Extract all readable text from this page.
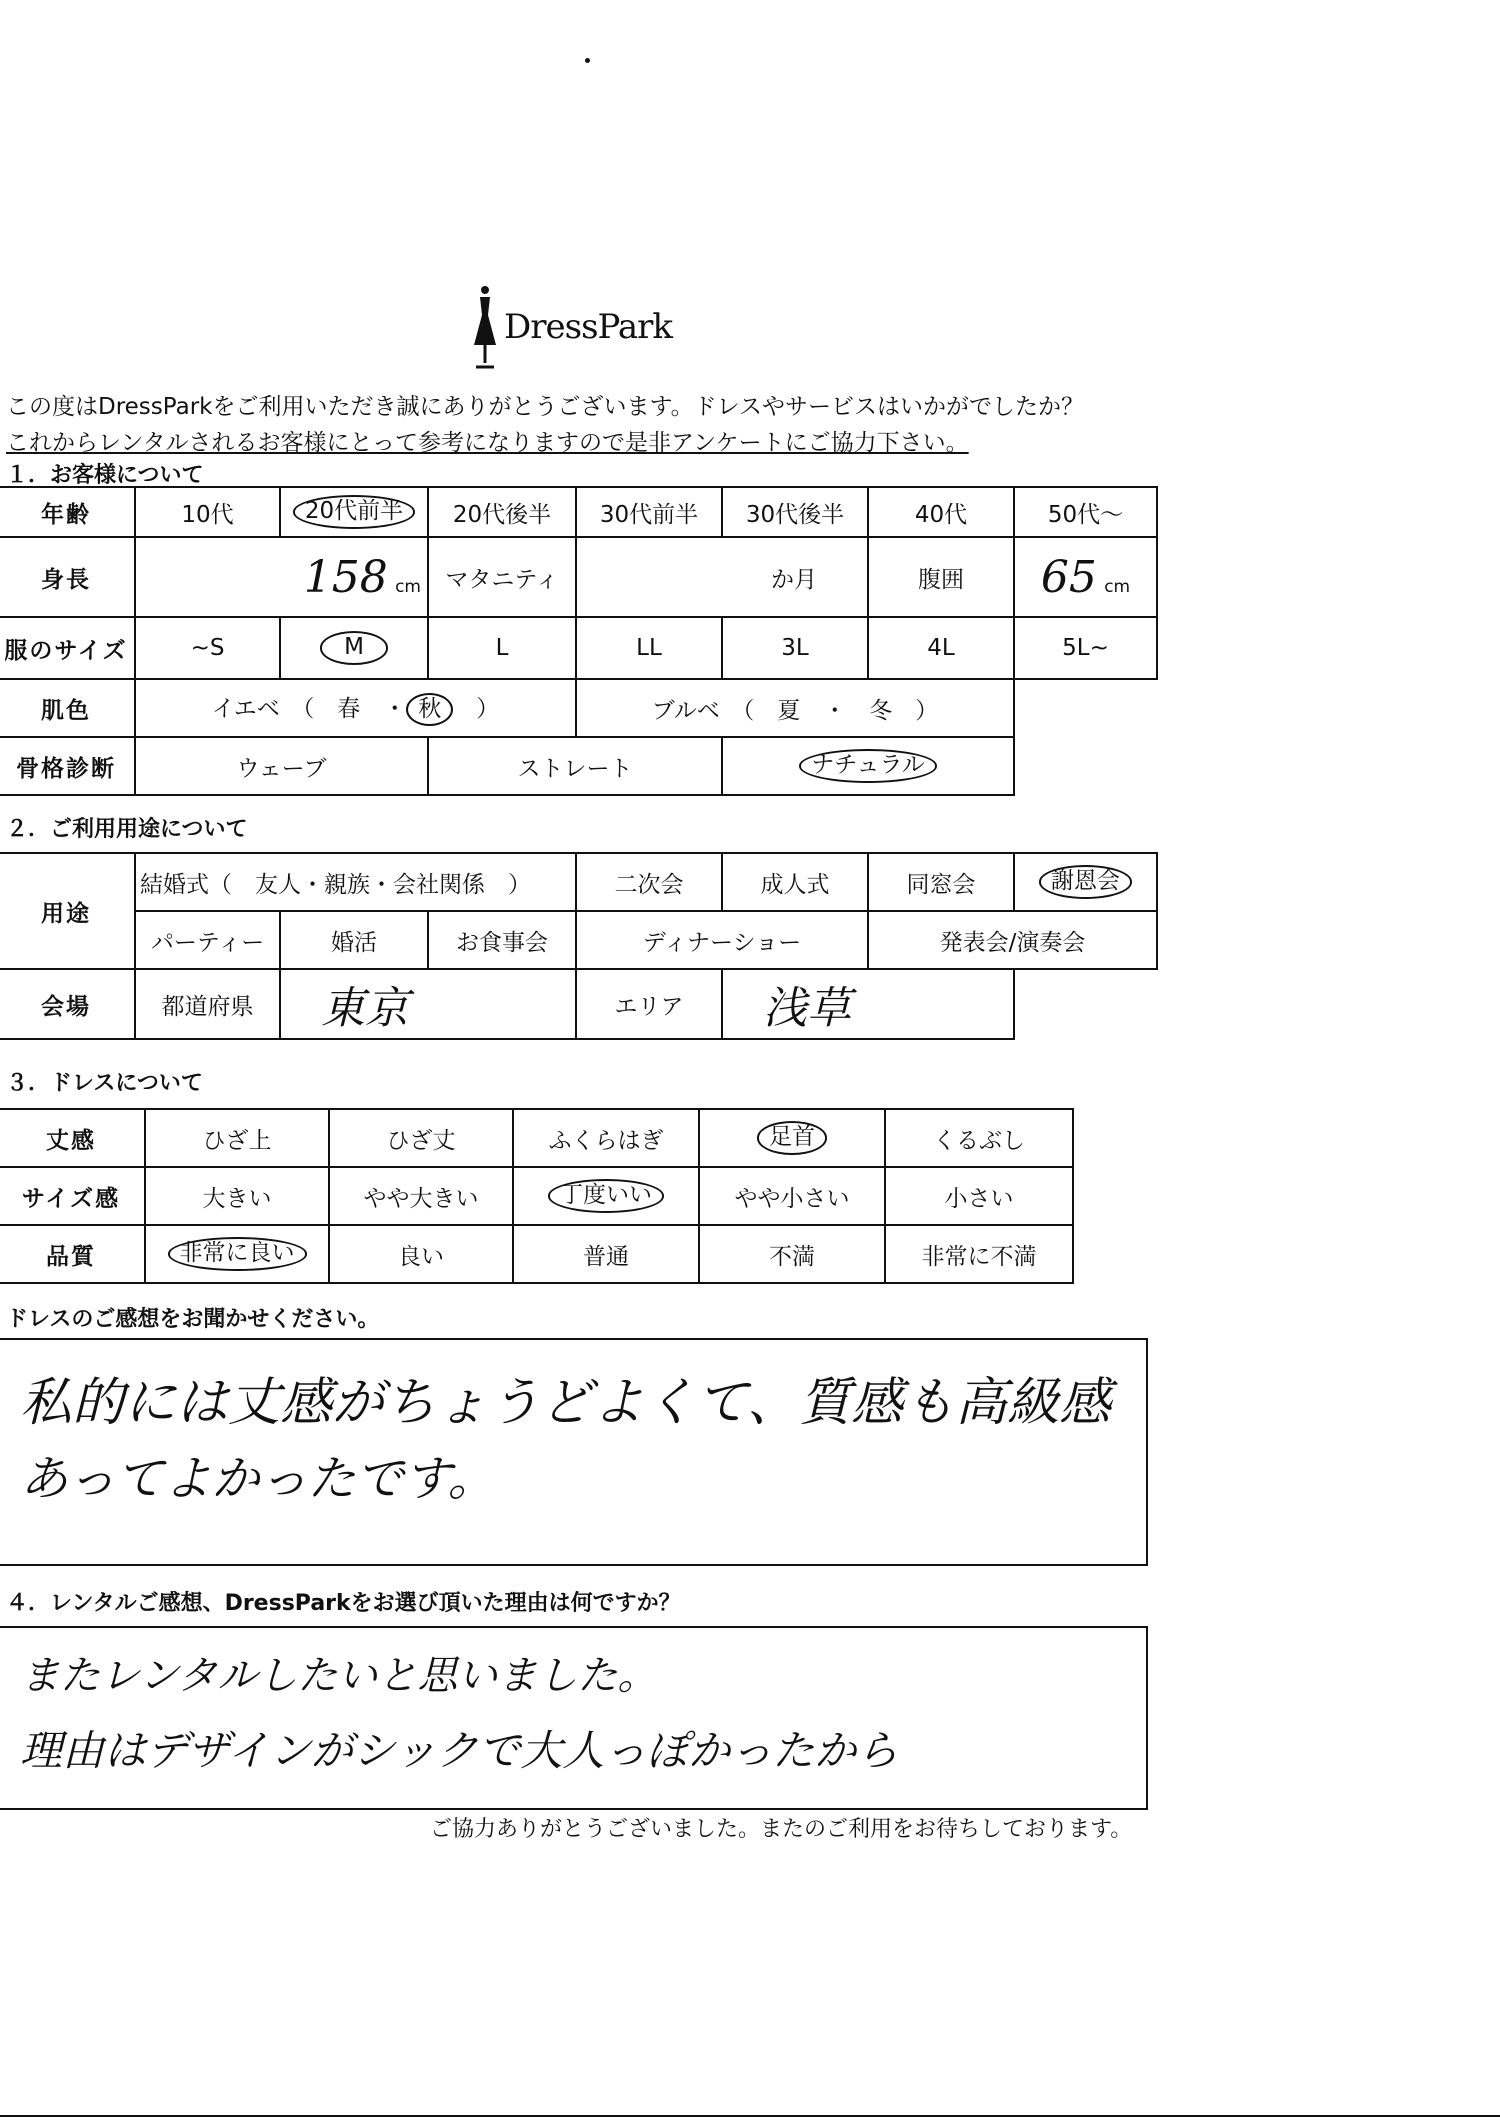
DressPark
この度はDressParkをご利用いただき誠にありがとうございます。ドレスやサービスはいかがでしたか？
これからレンタルされるお客様にとって参考になりますので是非アンケートにご協力下さい。
１．お客様について
年齢	10代	20代前半	20代後半	30代前半	30代後半	40代	50代～
身長	158 cm		マタニティ	か月		腹囲	65 cm
服のサイズ	~S	M	L	LL	3L	4L	5L~
肌色	イエベ　（　春　・ 秋　）			ブルベ　（　夏　・　冬　）			
骨格診断	ウェーブ		ストレート		ナチュラル		
２．ご利用用途について
用途	結婚式（　友人・親族・会社関係　）			二次会	成人式	同窓会	謝恩会
	パーティー	婚活	お食事会	ディナーショー		発表会/演奏会	
会場	都道府県	東京		エリア	浅草		
３．ドレスについて
丈感	ひざ上	ひざ丈	ふくらはぎ	足首	くるぶし
サイズ感	大きい	やや大きい	丁度いい	やや小さい	小さい
品質	非常に良い	良い	普通	不満	非常に不満
ドレスのご感想をお聞かせください。
私的には丈感がちょうどよくて、質感も高級感
あってよかったです。
４．レンタルご感想、DressParkをお選び頂いた理由は何ですか？
またレンタルしたいと思いました。
理由はデザインがシックで大人っぽかったから
ご協力ありがとうございました。またのご利用をお待ちしております。
